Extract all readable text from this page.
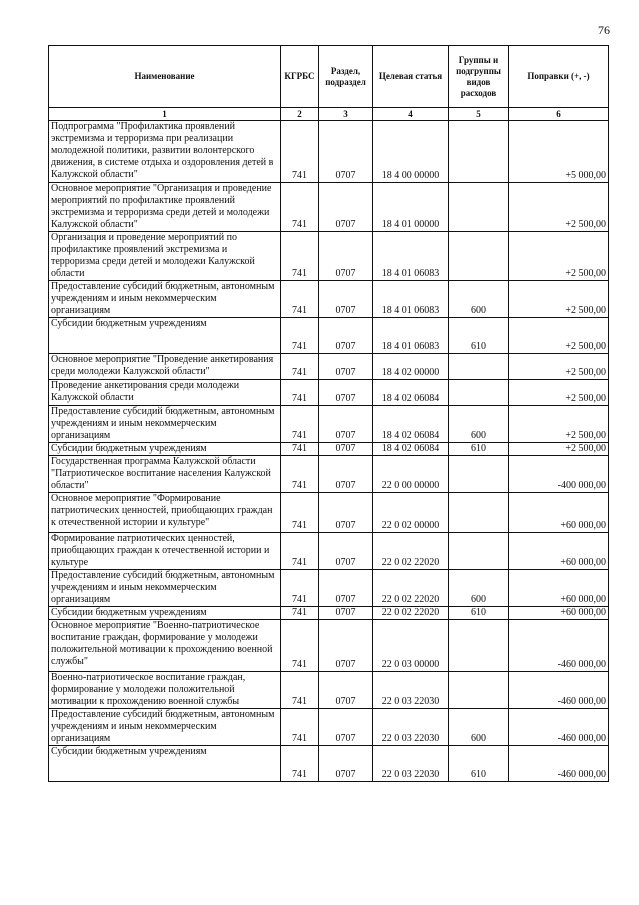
76
Наименование	КГРБС	Раздел, подраздел	Целевая статья	Группы и подгруппы видов расходов	Поправки (+, -)
1	2	3	4	5	6
Подпрограмма "Профилактика проявлений экстремизма и терроризма при реализации молодежной политики, развитии волонтерского движения, в системе отдыха и оздоровления детей в Калужской области"	741	0707	18 4 00 00000		+5 000,00
Основное мероприятие "Организация и проведение мероприятий по профилактике проявлений экстремизма и терроризма среди детей и молодежи Калужской области"	741	0707	18 4 01 00000		+2 500,00
Организация и проведение мероприятий по профилактике проявлений экстремизма и терроризма среди детей и молодежи Калужской области	741	0707	18 4 01 06083		+2 500,00
Предоставление субсидий бюджетным, автономным учреждениям и иным некоммерческим организациям	741	0707	18 4 01 06083	600	+2 500,00
Субсидии бюджетным учреждениям	741	0707	18 4 01 06083	610	+2 500,00
Основное мероприятие "Проведение анкетирования среди молодежи Калужской области"	741	0707	18 4 02 00000		+2 500,00
Проведение анкетирования среди молодежи Калужской области	741	0707	18 4 02 06084		+2 500,00
Предоставление субсидий бюджетным, автономным учреждениям и иным некоммерческим организациям	741	0707	18 4 02 06084	600	+2 500,00
Субсидии бюджетным учреждениям	741	0707	18 4 02 06084	610	+2 500,00
Государственная программа Калужской области "Патриотическое воспитание населения Калужской области"	741	0707	22 0 00 00000		-400 000,00
Основное мероприятие "Формирование патриотических ценностей, приобщающих граждан к отечественной истории и культуре"	741	0707	22 0 02 00000		+60 000,00
Формирование патриотических ценностей, приобщающих граждан к отечественной истории и культуре	741	0707	22 0 02 22020		+60 000,00
Предоставление субсидий бюджетным, автономным учреждениям и иным некоммерческим организациям	741	0707	22 0 02 22020	600	+60 000,00
Субсидии бюджетным учреждениям	741	0707	22 0 02 22020	610	+60 000,00
Основное мероприятие "Военно-патриотическое воспитание граждан, формирование у молодежи положительной мотивации к прохождению военной службы"	741	0707	22 0 03 00000		-460 000,00
Военно-патриотическое воспитание граждан, формирование у молодежи положительной мотивации к прохождению военной службы	741	0707	22 0 03 22030		-460 000,00
Предоставление субсидий бюджетным, автономным учреждениям и иным некоммерческим организациям	741	0707	22 0 03 22030	600	-460 000,00
Субсидии бюджетным учреждениям	741	0707	22 0 03 22030	610	-460 000,00
